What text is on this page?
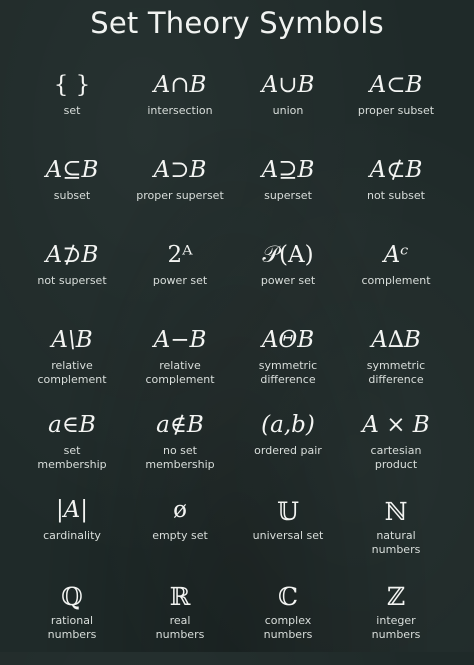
Set Theory Symbols
{ }
set
A∩B
intersection
A∪B
union
A⊂B
proper subset
A⊆B
subset
A⊃B
proper superset
A⊇B
superset
A⊄B
not subset
A⊅B
not superset
2ᴬ
power set
𝒫(A)
power set
Aᶜ
complement
A\B
relative
complement
A−B
relative
complement
AΘB
symmetric
difference
A∆B
symmetric
difference
a∈B
set
membership
a∉B
no set
membership
(a,b)
ordered pair
A × B
cartesian
product
|A|
cardinality
ø
empty set
𝕌
universal set
ℕ
natural
numbers
ℚ
rational
numbers
ℝ
real
numbers
ℂ
complex
numbers
ℤ
integer
numbers
